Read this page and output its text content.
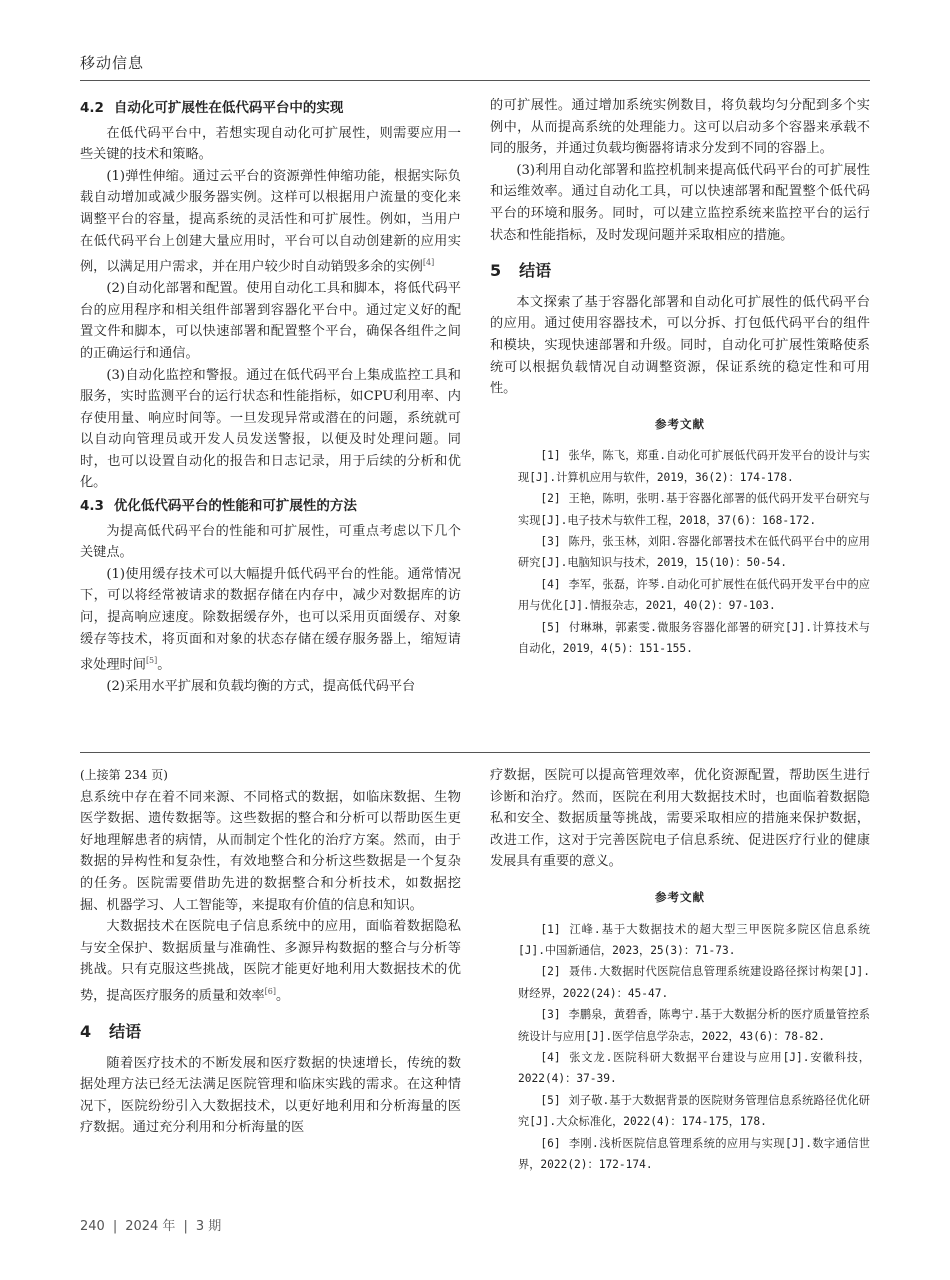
移动信息
4.2 自动化可扩展性在低代码平台中的实现

在低代码平台中，若想实现自动化可扩展性，则需要应用一些关键的技术和策略。

(1)弹性伸缩。通过云平台的资源弹性伸缩功能，根据实际负载自动增加或减少服务器实例。这样可以根据用户流量的变化来调整平台的容量，提高系统的灵活性和可扩展性。例如，当用户在低代码平台上创建大量应用时，平台可以自动创建新的应用实例，以满足用户需求，并在用户较少时自动销毁多余的实例[4]

(2)自动化部署和配置。使用自动化工具和脚本，将低代码平台的应用程序和相关组件部署到容器化平台中。通过定义好的配置文件和脚本，可以快速部署和配置整个平台，确保各组件之间的正确运行和通信。

(3)自动化监控和警报。通过在低代码平台上集成监控工具和服务，实时监测平台的运行状态和性能指标，如CPU利用率、内存使用量、响应时间等。一旦发现异常或潜在的问题，系统就可以自动向管理员或开发人员发送警报，以便及时处理问题。同时，也可以设置自动化的报告和日志记录，用于后续的分析和优化。

4.3 优化低代码平台的性能和可扩展性的方法

为提高低代码平台的性能和可扩展性，可重点考虑以下几个关键点。

(1)使用缓存技术可以大幅提升低代码平台的性能。通常情况下，可以将经常被请求的数据存储在内存中，减少对数据库的访问，提高响应速度。除数据缓存外，也可以采用页面缓存、对象缓存等技术，将页面和对象的状态存储在缓存服务器上，缩短请求处理时间[5]。

(2)采用水平扩展和负载均衡的方式，提高低代码平台

的可扩展性。通过增加系统实例数目，将负载均匀分配到多个实例中，从而提高系统的处理能力。这可以启动多个容器来承载不同的服务，并通过负载均衡器将请求分发到不同的容器上。

(3)利用自动化部署和监控机制来提高低代码平台的可扩展性和运维效率。通过自动化工具，可以快速部署和配置整个低代码平台的环境和服务。同时，可以建立监控系统来监控平台的运行状态和性能指标，及时发现问题并采取相应的措施。

5 结语

本文探索了基于容器化部署和自动化可扩展性的低代码平台的应用。通过使用容器技术，可以分拆、打包低代码平台的组件和模块，实现快速部署和升级。同时，自动化可扩展性策略使系统可以根据负载情况自动调整资源，保证系统的稳定性和可用性。

参考文献

[1] 张华，陈飞，郑重.自动化可扩展低代码开发平台的设计与实现[J].计算机应用与软件，2019，36(2)：174-178.

[2] 王艳，陈明，张明.基于容器化部署的低代码开发平台研究与实现[J].电子技术与软件工程，2018，37(6)：168-172.

[3] 陈丹，张玉林，刘阳.容器化部署技术在低代码平台中的应用研究[J].电脑知识与技术，2019，15(10)：50-54.

[4] 李军，张磊，许琴.自动化可扩展性在低代码开发平台中的应用与优化[J].情报杂志，2021，40(2)：97-103.

[5] 付琳琳，郭素雯.微服务容器化部署的研究[J].计算技术与自动化，2019，4(5)：151-155.

(上接第 234 页)

息系统中存在着不同来源、不同格式的数据，如临床数据、生物医学数据、遗传数据等。这些数据的整合和分析可以帮助医生更好地理解患者的病情，从而制定个性化的治疗方案。然而，由于数据的异构性和复杂性，有效地整合和分析这些数据是一个复杂的任务。医院需要借助先进的数据整合和分析技术，如数据挖掘、机器学习、人工智能等，来提取有价值的信息和知识。

大数据技术在医院电子信息系统中的应用，面临着数据隐私与安全保护、数据质量与准确性、多源异构数据的整合与分析等挑战。只有克服这些挑战，医院才能更好地利用大数据技术的优势，提高医疗服务的质量和效率[6]。

4 结语

随着医疗技术的不断发展和医疗数据的快速增长，传统的数据处理方法已经无法满足医院管理和临床实践的需求。在这种情况下，医院纷纷引入大数据技术，以更好地利用和分析海量的医疗数据。通过充分利用和分析海量的医

疗数据，医院可以提高管理效率，优化资源配置，帮助医生进行诊断和治疗。然而，医院在利用大数据技术时，也面临着数据隐私和安全、数据质量等挑战，需要采取相应的措施来保护数据，改进工作，这对于完善医院电子信息系统、促进医疗行业的健康发展具有重要的意义。

参考文献

[1] 江峰.基于大数据技术的超大型三甲医院多院区信息系统[J].中国新通信，2023，25(3)：71-73.

[2] 聂伟.大数据时代医院信息管理系统建设路径探讨构架[J].财经界，2022(24)：45-47.

[3] 李鹏泉，黄碧香，陈粤宁.基于大数据分析的医疗质量管控系统设计与应用[J].医学信息学杂志，2022，43(6)：78-82.

[4] 张文龙.医院科研大数据平台建设与应用[J].安徽科技，2022(4)：37-39.

[5] 刘子敬.基于大数据背景的医院财务管理信息系统路径优化研究[J].大众标准化，2022(4)：174-175，178.

[6] 李刚.浅析医院信息管理系统的应用与实现[J].数字通信世界，2022(2)：172-174.

240 | 2024 年 | 3 期
